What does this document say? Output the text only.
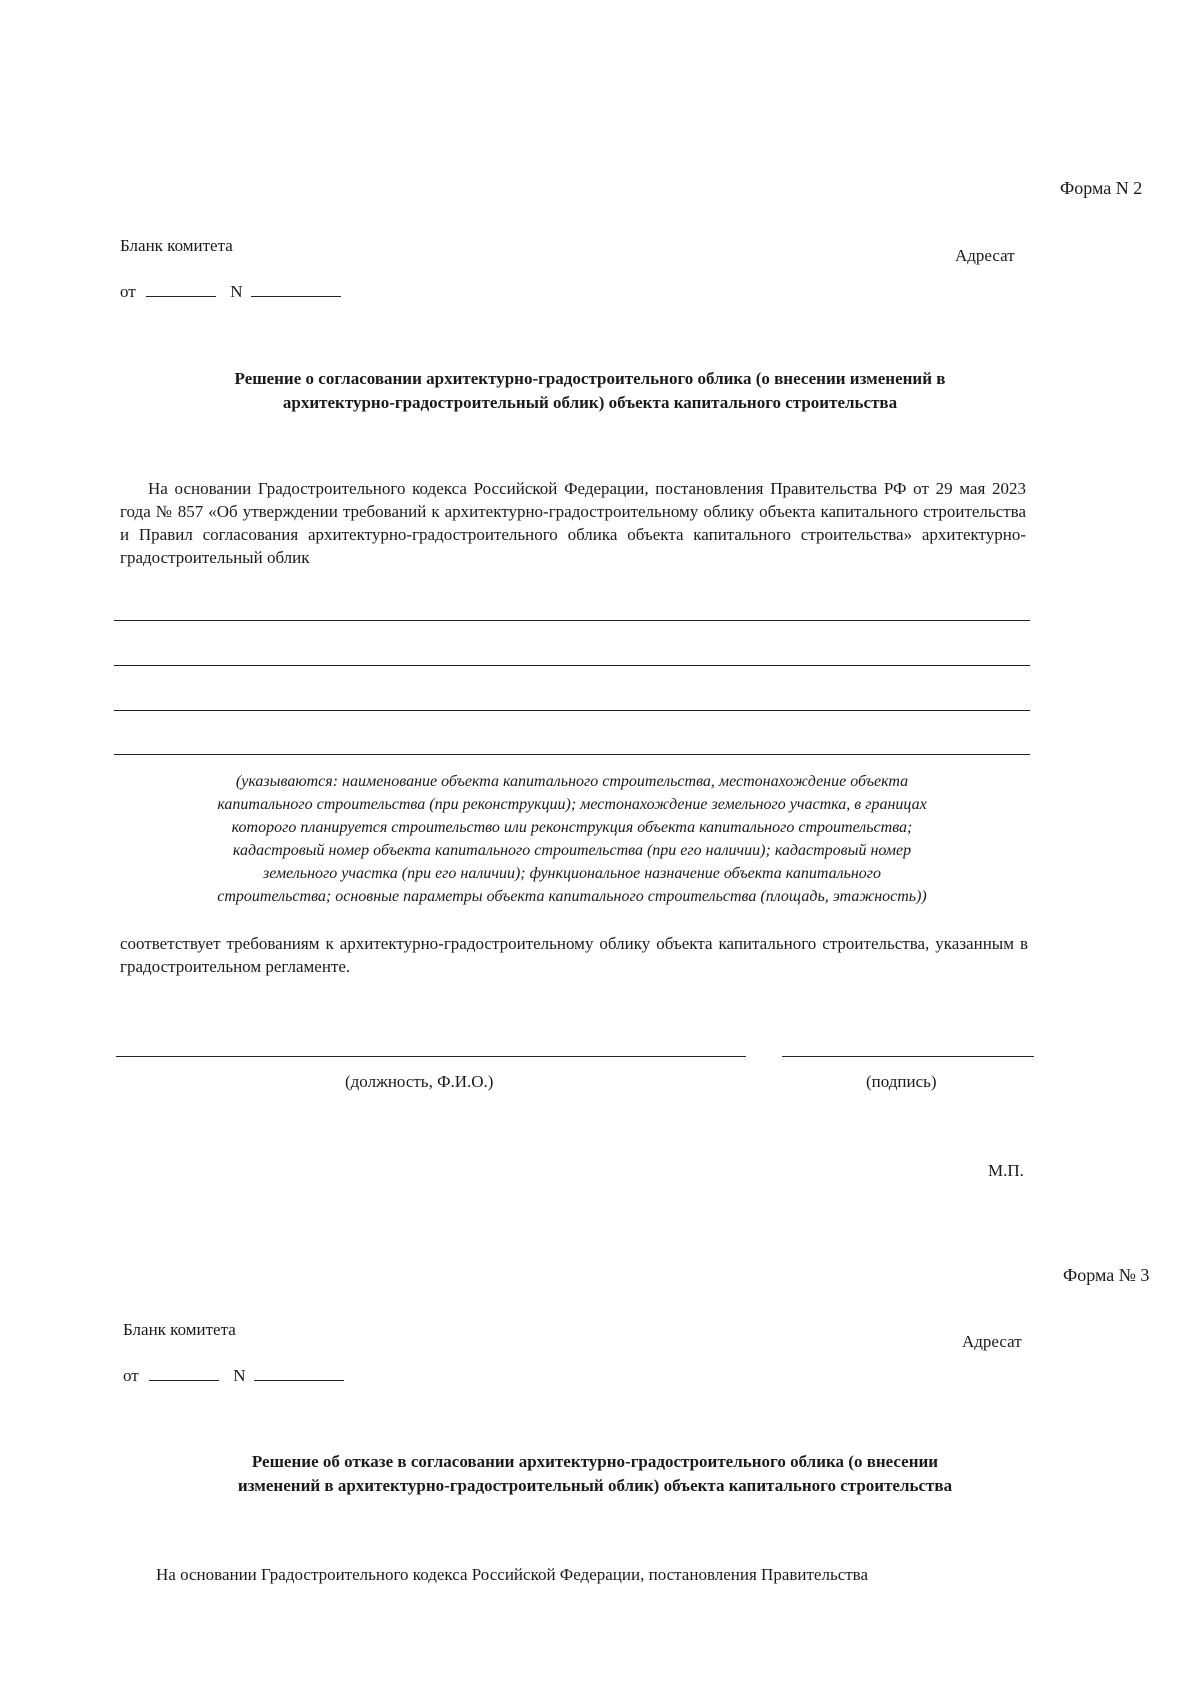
Форма N 2
Бланк комитета
Адресат
от	N
Решение о согласовании архитектурно-градостроительного облика (о внесении изменений в
архитектурно-градостроительный облик) объекта капитального строительства
На основании Градостроительного кодекса Российской Федерации, постановления Правительства РФ от 29 мая 2023 года № 857 «Об утверждении требований к архитектурно-градостроительному облику объекта капитального строительства и Правил согласования архитектурно-градостроительного облика объекта капитального строительства» архитектурно-градостроительный облик
(указываются: наименование объекта капитального строительства, местонахождение объекта
капитального строительства (при реконструкции); местонахождение земельного участка, в границах
которого планируется строительство или реконструкция объекта капитального строительства;
кадастровый номер объекта капитального строительства (при его наличии); кадастровый номер
земельного участка (при его наличии); функциональное назначение объекта капитального
строительства; основные параметры объекта капитального строительства (площадь, этажность))
соответствует требованиям к архитектурно-градостроительному облику объекта капитального строительства, указанным в градостроительном регламенте.
(должность, Ф.И.О.)	(подпись)
М.П.
Форма № 3
Бланк комитета
Адресат
от	N
Решение об отказе в согласовании архитектурно-градостроительного облика (о внесении
изменений в архитектурно-градостроительный облик) объекта капитального строительства
На основании Градостроительного кодекса Российской Федерации, постановления Правительства
